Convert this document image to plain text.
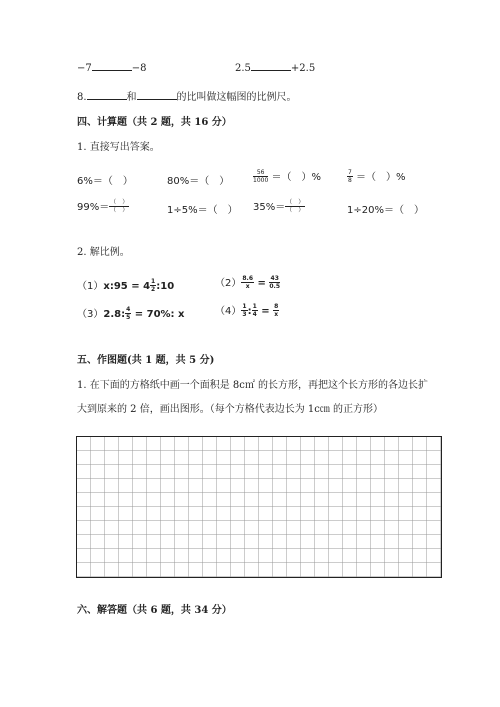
−7	−8	2.5	+2.5
8.	和	的比叫做这幅图的比例尺。
四、计算题（共 2 题，共 16 分）
1. 直接写出答案。
6%＝（　）	80%＝（　）	$\frac{56}{1000}$ ＝（　）%	$\frac{7}{8}$ ＝（　）%
$99\%= \frac{( )}{( )}$	1÷5%＝（　） $35\%= \frac{( )}{( )}$	1÷20%＝（　）
2. 解比例。
（1）x:95 = $4 \frac{1}{2}$ :10	$(2) \frac{8.6}{x} = \frac{43}{0.5}$
（3）2.8: $\frac{4}{5} = 70\%$: x	$(4) \frac{1}{3}$ : $\frac{1}{4} = \frac{8}{x}$
五、作图题(共 1 题，共 5 分)
1. 在下面的方格纸中画一个面积是 8c㎡ 的长方形，再把这个长方形的各边长扩
大到原来的 2 倍，画出图形。（每个方格代表边长为 1c㎝ 的正方形）
六、解答题（共 6 题，共 34 分）
